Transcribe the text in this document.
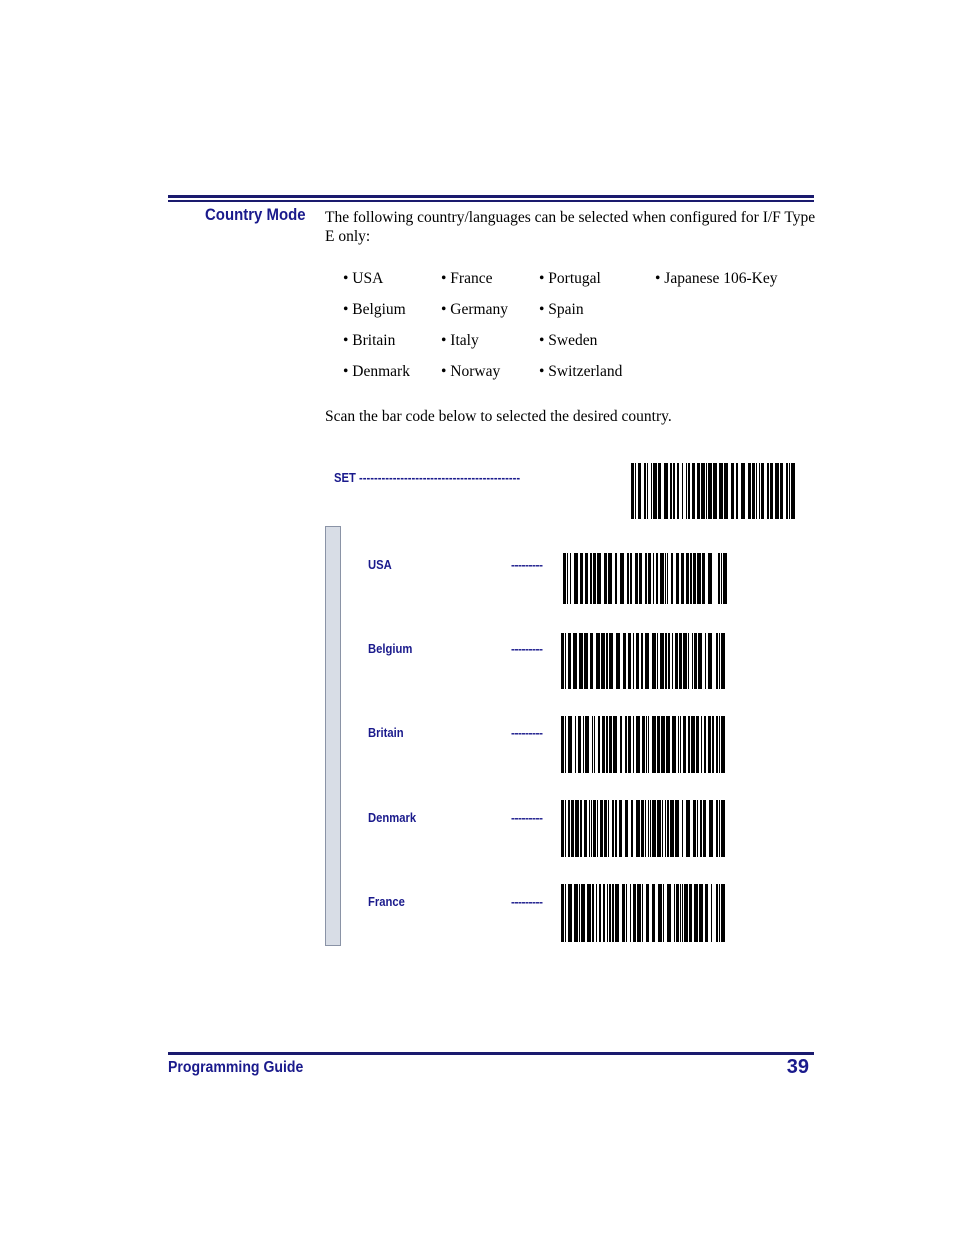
Country Mode The following country/languages can be selected when configured for I/F Type E only:
• USA	• France	• Portugal	• Japanese 106-Key
• Belgium • Germany • Spain
• Britain	• Italy	• Sweden
• Denmark • Norway	• Switzerland
Scan the bar code below to selected the desired country.
SET -------------------------------------------
USA	---------
Belgium	---------
Britain	---------
Denmark	---------
France	---------
Programming Guide	39
